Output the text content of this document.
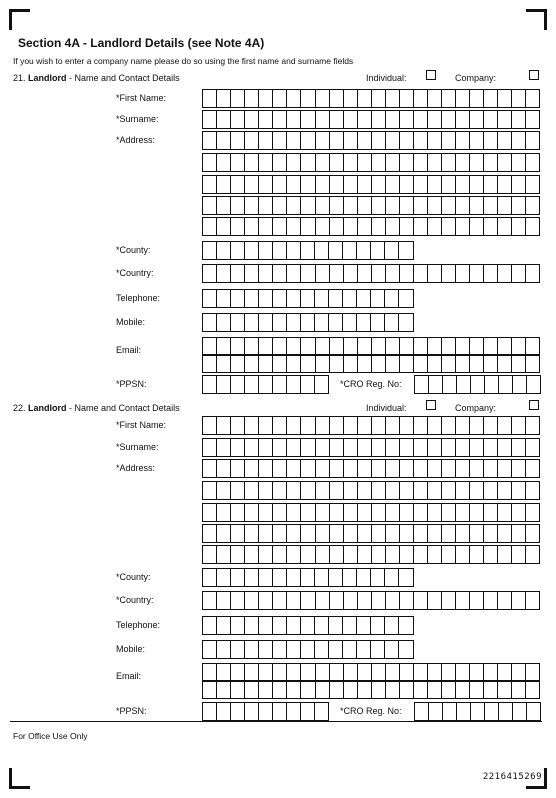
Section 4A - Landlord Details (see Note 4A)
If you wish to enter a company name please do so using the first name and surname fields
21. Landlord - Name and Contact Details	Individual:	Company:
*First Name:
*Surname:
*Address:
*County:
*Country:
Telephone:
Mobile:
Email:
*PPSN:	*CRO Reg. No:
22. Landlord - Name and Contact Details	Individual:	Company:
*First Name:
*Surname:
*Address:
*County:
*Country:
Telephone:
Mobile:
Email:
*PPSN:	*CRO Reg. No:
For Office Use Only
2216415269
